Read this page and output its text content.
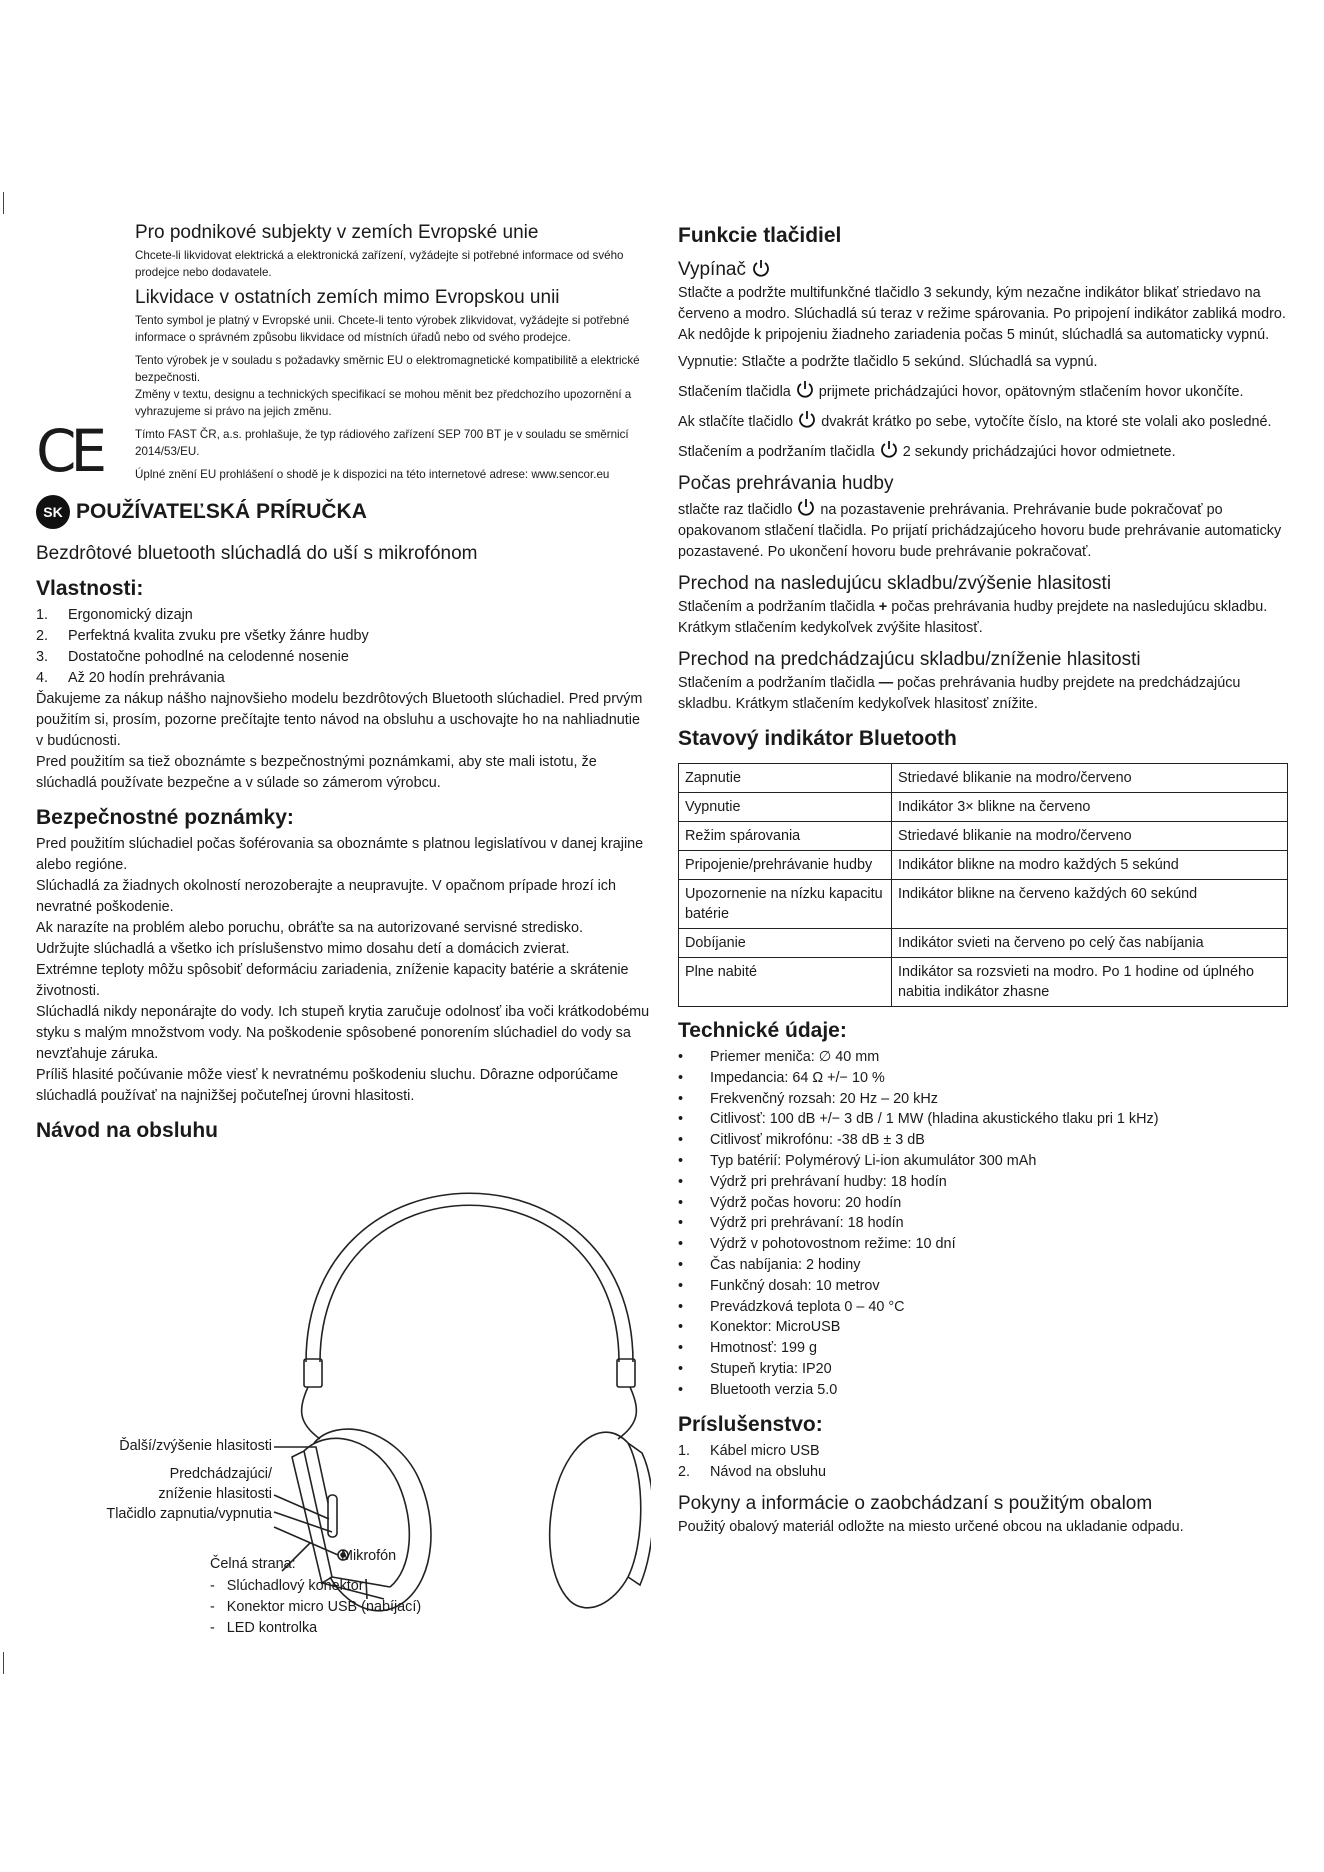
Pro podnikové subjekty v zemích Evropské unie

Chcete-li likvidovat elektrická a elektronická zařízení, vyžádejte si potřebné informace od svého prodejce nebo dodavatele.

Likvidace v ostatních zemích mimo Evropskou unii

Tento symbol je platný v Evropské unii. Chcete-li tento výrobek zlikvidovat, vyžádejte si potřebné informace o správném způsobu likvidace od místních úřadů nebo od svého prodejce.

Tento výrobek je v souladu s požadavky směrnic EU o elektromagnetické kompatibilitě a elektrické bezpečnosti.

Změny v textu, designu a technických specifikací se mohou měnit bez předchozího upozornění a vyhrazujeme si právo na jejich změnu.

CE	Tímto FAST ČR, a.s. prohlašuje, že typ rádiového zařízení SEP 700 BT je v souladu se směrnicí 2014/53/EU.

Úplné znění EU prohlášení o shodě je k dispozici na této internetové adrese: www.sencor.eu

SK POUŽÍVATEĽSKÁ PRÍRUČKA
Bezdrôtové bluetooth slúchadlá do uší s mikrofónom
Vlastnosti:
1.	Ergonomický dizajn
2.	Perfektná kvalita zvuku pre všetky žánre hudby
3.	Dostatočne pohodlné na celodenné nosenie
4.	Až 20 hodín prehrávania

Ďakujeme za nákup nášho najnovšieho modelu bezdrôtových Bluetooth slúchadiel. Pred prvým použitím si, prosím, pozorne prečítajte tento návod na obsluhu a uschovajte ho na nahliadnutie v budúcnosti.

Pred použitím sa tiež oboznámte s bezpečnostnými poznámkami, aby ste mali istotu, že slúchadlá používate bezpečne a v súlade so zámerom výrobcu.

Bezpečnostné poznámky:

Pred použitím slúchadiel počas šoférovania sa oboznámte s platnou legislatívou v danej krajine alebo regióne.

Slúchadlá za žiadnych okolností nerozoberajte a neupravujte. V opačnom prípade hrozí ich nevratné poškodenie.

Ak narazíte na problém alebo poruchu, obráťte sa na autorizované servisné stredisko.

Udržujte slúchadlá a všetko ich príslušenstvo mimo dosahu detí a domácich zvierat.

Extrémne teploty môžu spôsobiť deformáciu zariadenia, zníženie kapacity batérie a skrátenie životnosti.

Slúchadlá nikdy neponárajte do vody. Ich stupeň krytia zaručuje odolnosť iba voči krátkodobému styku s malým množstvom vody. Na poškodenie spôsobené ponorením slúchadiel do vody sa nevzťahuje záruka.

Príliš hlasité počúvanie môže viesť k nevratnému poškodeniu sluchu. Dôrazne odporúčame slúchadlá používať na najnižšej počuteľnej úrovni hlasitosti.

Návod na obsluhu
Ďalší/zvýšenie hlasitosti
Predchádzajúci/
zníženie hlasitosti
Tlačidlo zapnutia/vypnutia
Mikrofón
Čelná strana:
- Slúchadlový konektor
- Konektor micro USB (nabíjací)
- LED kontrolka
Funkcie tlačidiel
Vypínač

Stlačte a podržte multifunkčné tlačidlo 3 sekundy, kým nezačne indikátor blikať striedavo na červeno a modro. Slúchadlá sú teraz v režime spárovania. Po pripojení indikátor zabliká modro. Ak nedôjde k pripojeniu žiadneho zariadenia počas 5 minút, slúchadlá sa automaticky vypnú.

Vypnutie: Stlačte a podržte tlačidlo 5 sekúnd. Slúchadlá sa vypnú.

Stlačením tlačidla prijmete prichádzajúci hovor, opätovným stlačením hovor ukončíte.

Ak stlačíte tlačidlo dvakrát krátko po sebe, vytočíte číslo, na ktoré ste volali ako posledné.

Stlačením a podržaním tlačidla 2 sekundy prichádzajúci hovor odmietnete.

Počas prehrávania hudby

stlačte raz tlačidlo na pozastavenie prehrávania. Prehrávanie bude pokračovať po opakovanom stlačení tlačidla. Po prijatí prichádzajúceho hovoru bude prehrávanie automaticky pozastavené. Po ukončení hovoru bude prehrávanie pokračovať.

Prechod na nasledujúcu skladbu/zvýšenie hlasitosti

Stlačením a podržaním tlačidla + počas prehrávania hudby prejdete na nasledujúcu skladbu. Krátkym stlačením kedykoľvek zvýšite hlasitosť.

Prechod na predchádzajúcu skladbu/zníženie hlasitosti

Stlačením a podržaním tlačidla — počas prehrávania hudby prejdete na predchádzajúcu skladbu. Krátkym stlačením kedykoľvek hlasitosť znížite.

Stavový indikátor Bluetooth
Zapnutie	Striedavé blikanie na modro/červeno
Vypnutie	Indikátor 3× blikne na červeno
Režim spárovania	Striedavé blikanie na modro/červeno
Pripojenie/prehrávanie hudby	Indikátor blikne na modro každých 5 sekúnd
Upozornenie na nízku kapacitu batérie	Indikátor blikne na červeno každých 60 sekúnd
Dobíjanie	Indikátor svieti na červeno po celý čas nabíjania
Plne nabité	Indikátor sa rozsvieti na modro. Po 1 hodine od úplného nabitia indikátor zhasne
Technické údaje:
•	Priemer meniča: ∅ 40 mm
•	Impedancia: 64 Ω +/− 10 %
•	Frekvenčný rozsah: 20 Hz – 20 kHz
•	Citlivosť: 100 dB +/− 3 dB / 1 MW (hladina akustického tlaku pri 1 kHz)
•	Citlivosť mikrofónu: -38 dB ± 3 dB
•	Typ batérií: Polymérový Li-ion akumulátor 300 mAh
•	Výdrž pri prehrávaní hudby: 18 hodín
•	Výdrž počas hovoru: 20 hodín
•	Výdrž pri prehrávaní: 18 hodín
•	Výdrž v pohotovostnom režime: 10 dní
•	Čas nabíjania: 2 hodiny
•	Funkčný dosah: 10 metrov
•	Prevádzková teplota 0 – 40 °C
•	Konektor: MicroUSB
•	Hmotnosť: 199 g
•	Stupeň krytia: IP20
•	Bluetooth verzia 5.0
Príslušenstvo:
1.	Kábel micro USB
2.	Návod na obsluhu
Pokyny a informácie o zaobchádzaní s použitým obalom

Použitý obalový materiál odložte na miesto určené obcou na ukladanie odpadu.
